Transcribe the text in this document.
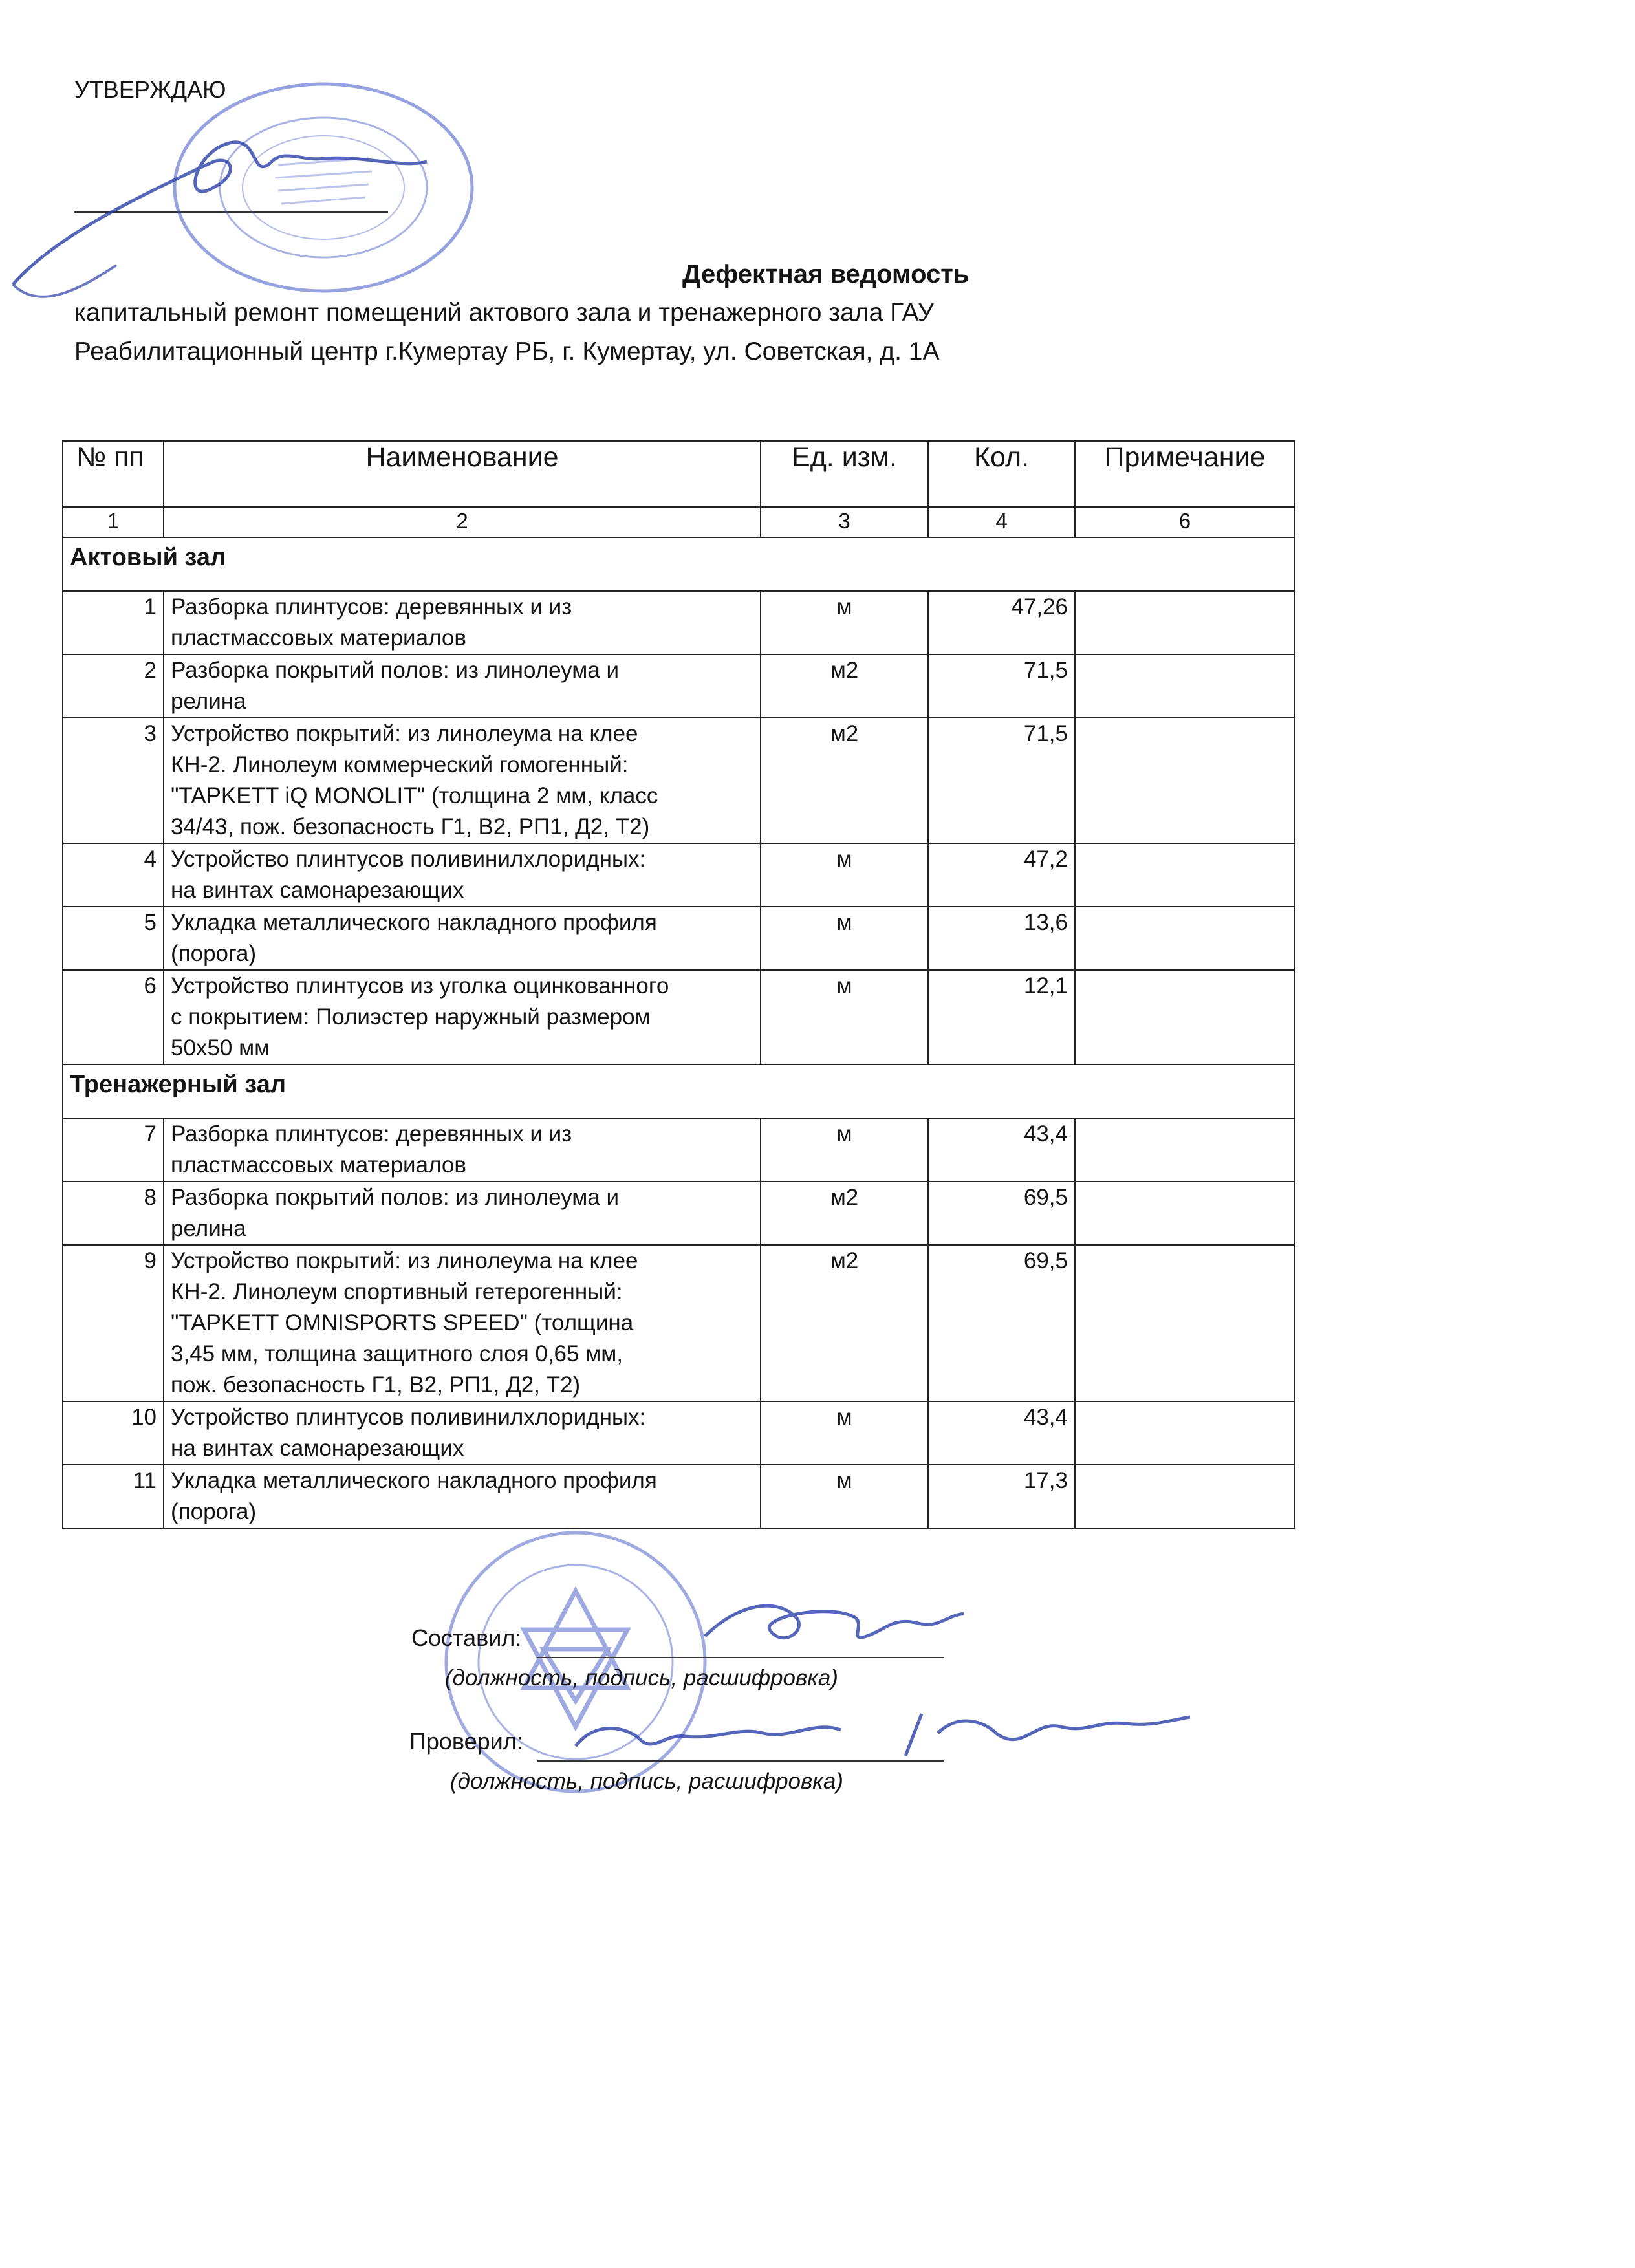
УТВЕРЖДАЮ
Дефектная ведомость
капитальный ремонт помещений актового зала и тренажерного зала ГАУ
Реабилитационный центр г.Кумертау РБ, г. Кумертау, ул. Советская, д. 1А
№ пп	Наименование	Ед. изм.	Кол.	Примечание
1	2	3	4	6
Актовый зал				
1	Разборка плинтусов: деревянных и из
пластмассовых материалов	м	47,26	
2	Разборка покрытий полов: из линолеума и
релина	м2	71,5	
3	Устройство покрытий: из линолеума на клее
КН-2. Линолеум коммерческий гомогенный:
"TAPKETT iQ MONOLIT" (толщина 2 мм, класс
34/43, пож. безопасность Г1, В2, РП1, Д2, Т2)	м2	71,5	
4	Устройство плинтусов поливинилхлоридных:
на винтах самонарезающих	м	47,2	
5	Укладка металлического накладного профиля
(порога)	м	13,6	
6	Устройство плинтусов из уголка оцинкованного
с покрытием: Полиэстер наружный размером
50х50 мм	м	12,1	
Тренажерный зал				
7	Разборка плинтусов: деревянных и из
пластмассовых материалов	м	43,4	
8	Разборка покрытий полов: из линолеума и
релина	м2	69,5	
9	Устройство покрытий: из линолеума на клее
КН-2. Линолеум спортивный гетерогенный:
"TAPKETT OMNISPORTS SPEED" (толщина
3,45 мм, толщина защитного слоя 0,65 мм,
пож. безопасность Г1, В2, РП1, Д2, Т2)	м2	69,5	
10	Устройство плинтусов поливинилхлоридных:
на винтах самонарезающих	м	43,4	
11	Укладка металлического накладного профиля
(порога)	м	17,3	
Составил:
(должность, подпись, расшифровка)
Проверил:
(должность, подпись, расшифровка)
